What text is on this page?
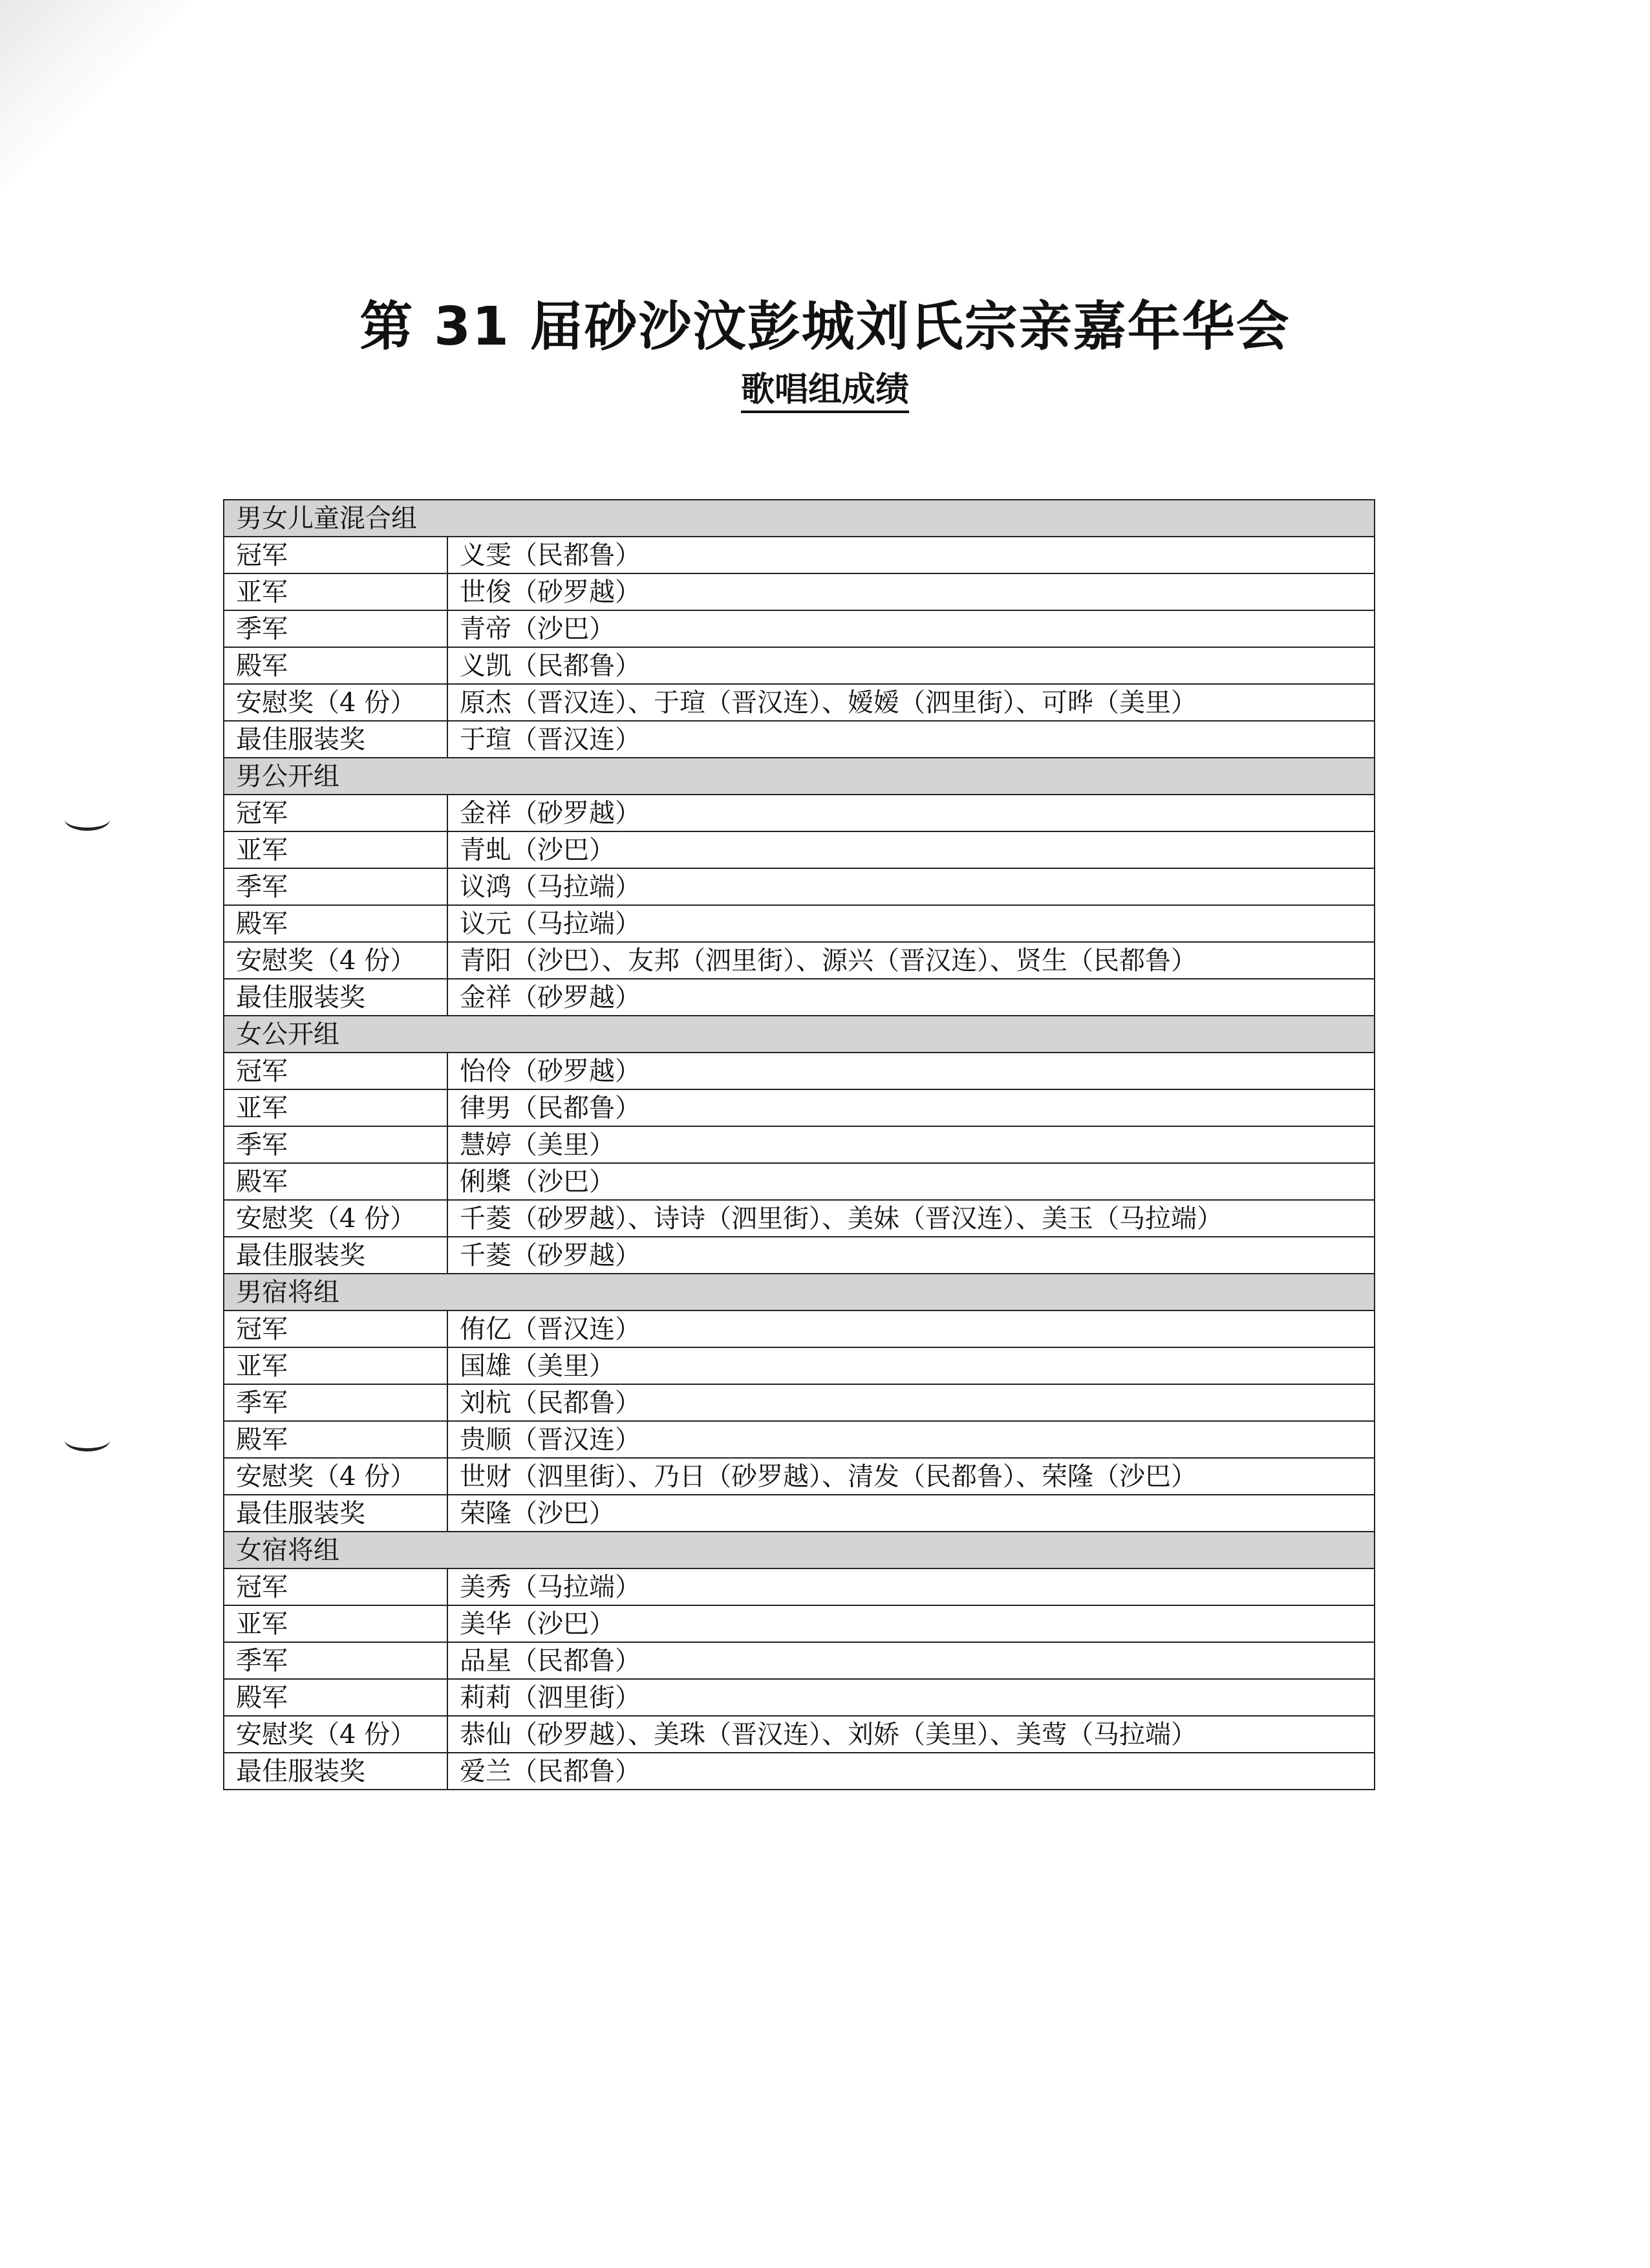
第 31 届砂沙汶彭城刘氏宗亲嘉年华会
歌唱组成绩
男女儿童混合组	
冠军	义雯（民都鲁）
亚军	世俊（砂罗越）
季军	青帝（沙巴）
殿军	义凯（民都鲁）
安慰奖（4 份）	原杰（晋汉连）、于瑄（晋汉连）、嫒嫒（泗里街）、可晔（美里）
最佳服装奖	于瑄（晋汉连）
男公开组	
冠军	金祥（砂罗越）
亚军	青虬（沙巴）
季军	议鸿（马拉端）
殿军	议元（马拉端）
安慰奖（4 份）	青阳（沙巴）、友邦（泗里街）、源兴（晋汉连）、贤生（民都鲁）
最佳服装奖	金祥（砂罗越）
女公开组	
冠军	怡伶（砂罗越）
亚军	律男（民都鲁）
季军	慧婷（美里）
殿军	俐槳（沙巴）
安慰奖（4 份）	千菱（砂罗越）、诗诗（泗里街）、美妹（晋汉连）、美玉（马拉端）
最佳服装奖	千菱（砂罗越）
男宿将组	
冠军	侑亿（晋汉连）
亚军	国雄（美里）
季军	刘杭（民都鲁）
殿军	贵顺（晋汉连）
安慰奖（4 份）	世财（泗里街）、乃日（砂罗越）、清发（民都鲁）、荣隆（沙巴）
最佳服装奖	荣隆（沙巴）
女宿将组	
冠军	美秀（马拉端）
亚军	美华（沙巴）
季军	品星（民都鲁）
殿军	莉莉（泗里街）
安慰奖（4 份）	恭仙（砂罗越）、美珠（晋汉连）、刘娇（美里）、美莺（马拉端）
最佳服装奖	爱兰（民都鲁）
